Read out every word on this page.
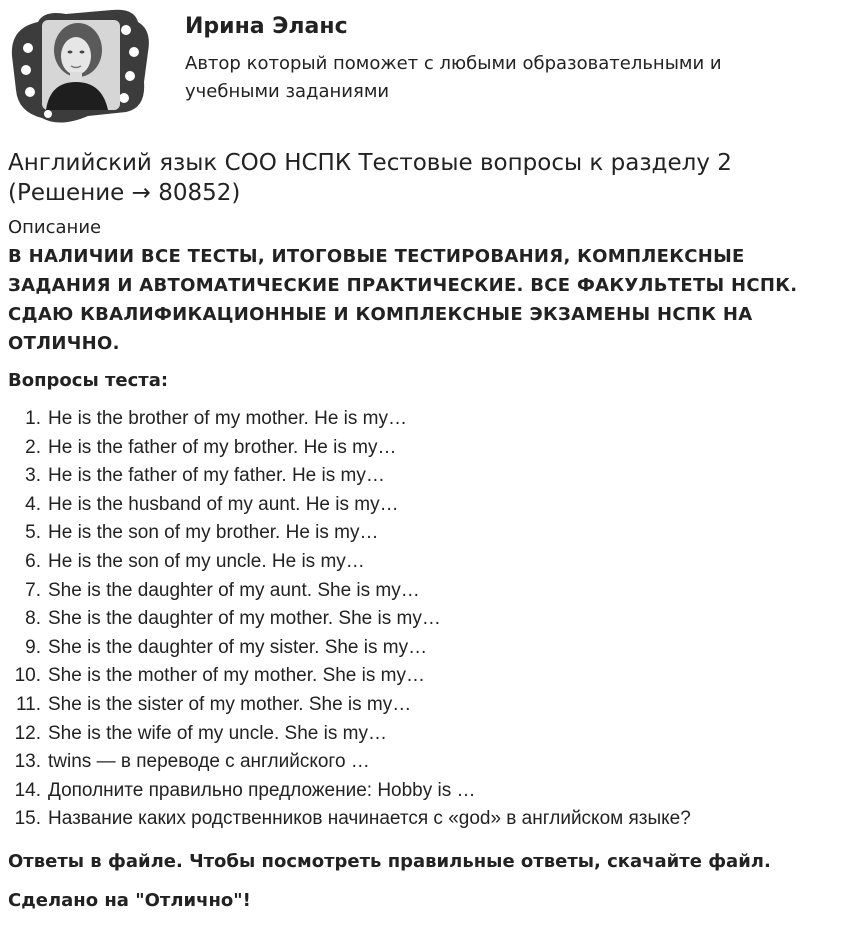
Ирина Эланс

Автор который поможет с любыми образовательными и учебными заданиями

Английский язык СОО НСПК Тестовые вопросы к разделу 2 (Решение → 80852)

Описание

В НАЛИЧИИ ВСЕ ТЕСТЫ, ИТОГОВЫЕ ТЕСТИРОВАНИЯ, КОМПЛЕКСНЫЕ ЗАДАНИЯ И АВТОМАТИЧЕСКИЕ ПРАКТИЧЕСКИЕ. ВСЕ ФАКУЛЬТЕТЫ НСПК. СДАЮ КВАЛИФИКАЦИОННЫЕ И КОМПЛЕКСНЫЕ ЭКЗАМЕНЫ НСПК НА ОТЛИЧНО.

Вопросы теста:

1. He is the brother of my mother. He is my…
2. He is the father of my brother. He is my…
3. He is the father of my father. He is my…
4. He is the husband of my aunt. He is my…
5. He is the son of my brother. He is my…
6. He is the son of my uncle. He is my…
7. She is the daughter of my aunt. She is my…
8. She is the daughter of my mother. She is my…
9. She is the daughter of my sister. She is my…
10. She is the mother of my mother. She is my…
11. She is the sister of my mother. She is my…
12. She is the wife of my uncle. She is my…
13. twins — в переводе с английского …
14. Дополните правильно предложение: Hobby is …
15. Название каких родственников начинается с «god» в английском языке?

Ответы в файле. Чтобы посмотреть правильные ответы, скачайте файл.

Сделано на "Отлично"!
